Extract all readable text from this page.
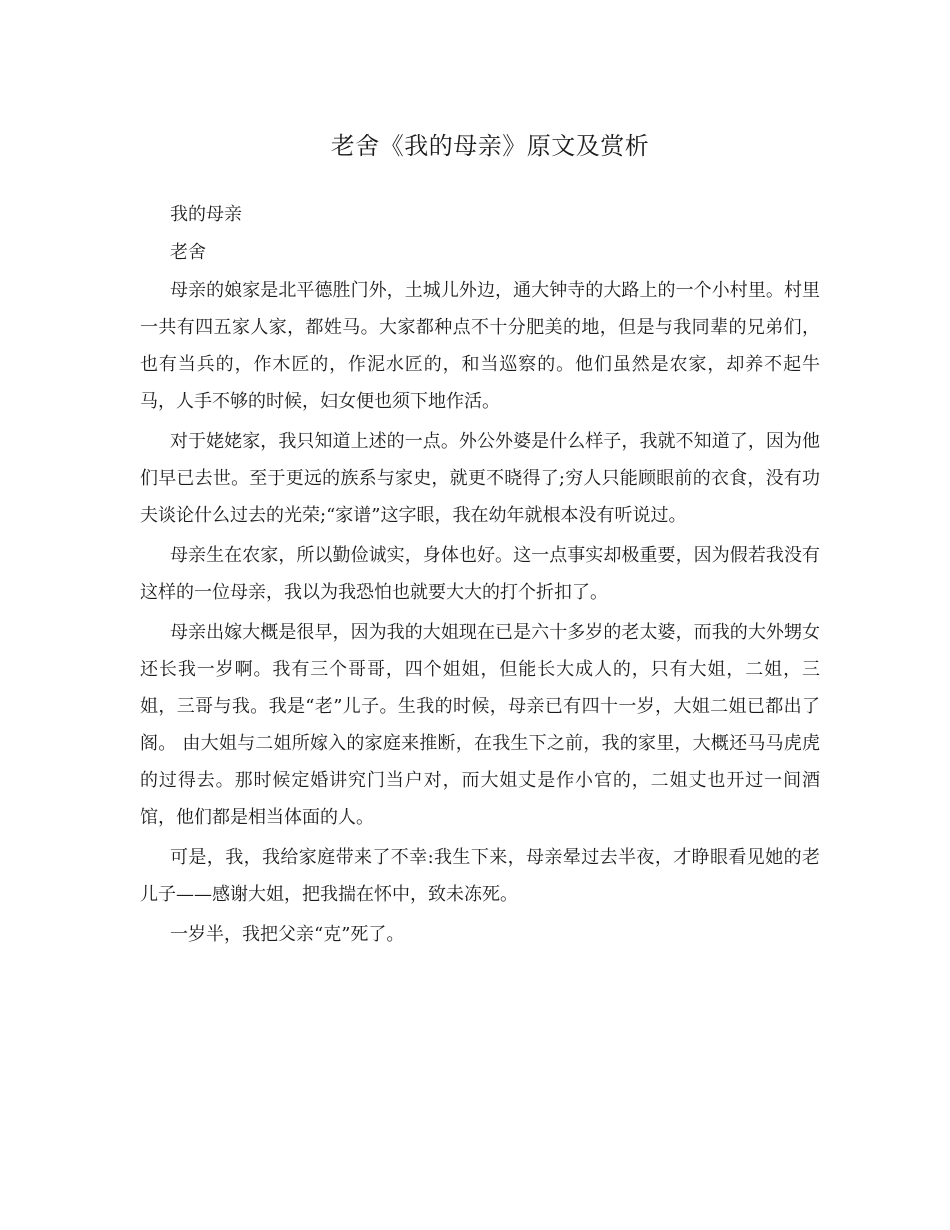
老舍《我的母亲》原文及赏析

我的母亲

老舍

母亲的娘家是北平德胜门外，土城儿外边，通大钟寺的大路上的一个小村里。村里一共有四五家人家，都姓马。大家都种点不十分肥美的地，但是与我同辈的兄弟们，也有当兵的，作木匠的，作泥水匠的，和当巡察的。他们虽然是农家，却养不起牛马，人手不够的时候，妇女便也须下地作活。

对于姥姥家，我只知道上述的一点。外公外婆是什么样子，我就不知道了，因为他们早已去世。至于更远的族系与家史，就更不晓得了;穷人只能顾眼前的衣食，没有功夫谈论什么过去的光荣;“家谱”这字眼，我在幼年就根本没有听说过。

母亲生在农家，所以勤俭诚实，身体也好。这一点事实却极重要，因为假若我没有这样的一位母亲，我以为我恐怕也就要大大的打个折扣了。

母亲出嫁大概是很早，因为我的大姐现在已是六十多岁的老太婆，而我的大外甥女还长我一岁啊。我有三个哥哥，四个姐姐，但能长大成人的，只有大姐，二姐，三姐，三哥与我。我是“老”儿子。生我的时候，母亲已有四十一岁，大姐二姐已都出了阁。 由大姐与二姐所嫁入的家庭来推断，在我生下之前，我的家里，大概还马马虎虎的过得去。那时候定婚讲究门当户对，而大姐丈是作小官的，二姐丈也开过一间酒馆，他们都是相当体面的人。

可是，我，我给家庭带来了不幸:我生下来，母亲晕过去半夜，才睁眼看见她的老儿子——感谢大姐，把我揣在怀中，致未冻死。

一岁半，我把父亲“克”死了。
